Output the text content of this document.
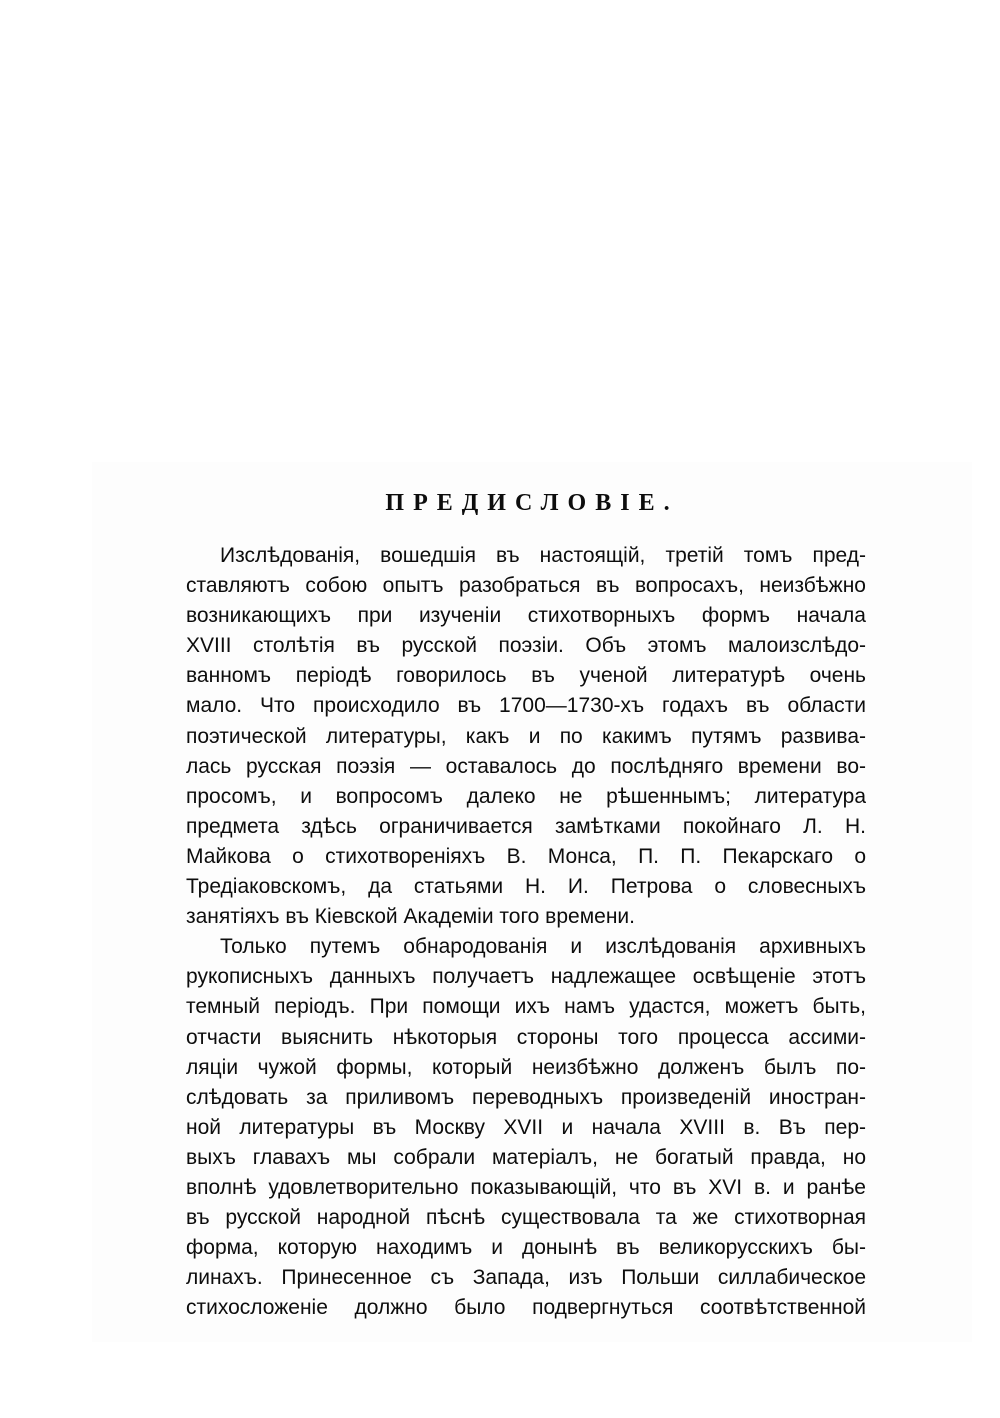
ПРЕДИСЛОВIЕ.
Изслѣдованія, вошедшія въ настоящій, третій томъ пред-
ставляютъ собою опытъ разобраться въ вопросахъ, неизбѣжно
возникающихъ при изученіи стихотворныхъ формъ начала
XVIII столѣтія въ русской поэзіи. Объ этомъ малоизслѣдо-
ванномъ періодѣ говорилось въ ученой литературѣ очень
мало. Что происходило въ 1700—1730-хъ годахъ въ области
поэтической литературы, какъ и по какимъ путямъ развива-
лась русская поэзія — оставалось до послѣдняго времени во-
просомъ, и вопросомъ далеко не рѣшеннымъ; литература
предмета здѣсь ограничивается замѣтками покойнаго Л. Н.
Майкова о стихотвореніяхъ В. Монса, П. П. Пекарскаго о
Тредіаковскомъ, да статьями Н. И. Петрова о словесныхъ
занятіяхъ въ Кіевской Академіи того времени.
Только путемъ обнародованія и изслѣдованія архивныхъ
рукописныхъ данныхъ получаетъ надлежащее освѣщеніе этотъ
темный періодъ. При помощи ихъ намъ удастся, можетъ быть,
отчасти выяснить нѣкоторыя стороны того процесса ассими-
ляціи чужой формы, который неизбѣжно долженъ былъ по-
слѣдовать за приливомъ переводныхъ произведеній иностран-
ной литературы въ Москву XVII и начала XVIII в. Въ пер-
выхъ главахъ мы собрали матеріалъ, не богатый правда, но
вполнѣ удовлетворительно показывающій, что въ XVI в. и ранѣе
въ русской народной пѣснѣ существовала та же стихотворная
форма, которую находимъ и донынѣ въ великорусскихъ бы-
линахъ. Принесенное съ Запада, изъ Польши силлабическое
стихосложеніе должно было подвергнуться соотвѣтственной
